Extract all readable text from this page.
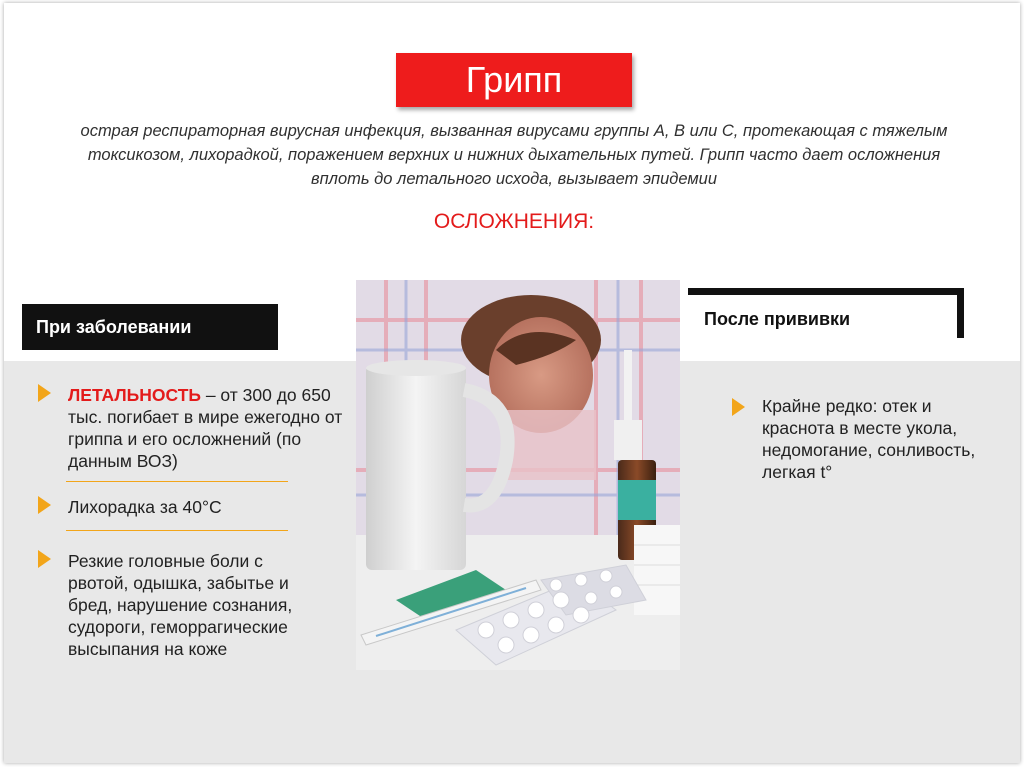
Грипп
острая респираторная вирусная инфекция, вызванная вирусами группы А, В или С, протекающая с тяжелым
токсикозом, лихорадкой, поражением верхних и нижних дыхательных путей. Грипп часто дает осложнения
вплоть до летального исхода, вызывает эпидемии
ОСЛОЖНЕНИЯ:
При заболевании	После прививки
ЛЕТАЛЬНОСТЬ – от 300 до 650
тыс. погибает в мире ежегодно от
гриппа и его осложнений (по
данным ВОЗ)
Лихорадка за 40°С
Резкие головные боли с
рвотой, одышка, забытье и
бред, нарушение сознания,
судороги, геморрагические
высыпания на коже
Крайне редко: отек и
краснота в месте укола,
недомогание, сонливость,
легкая t°
